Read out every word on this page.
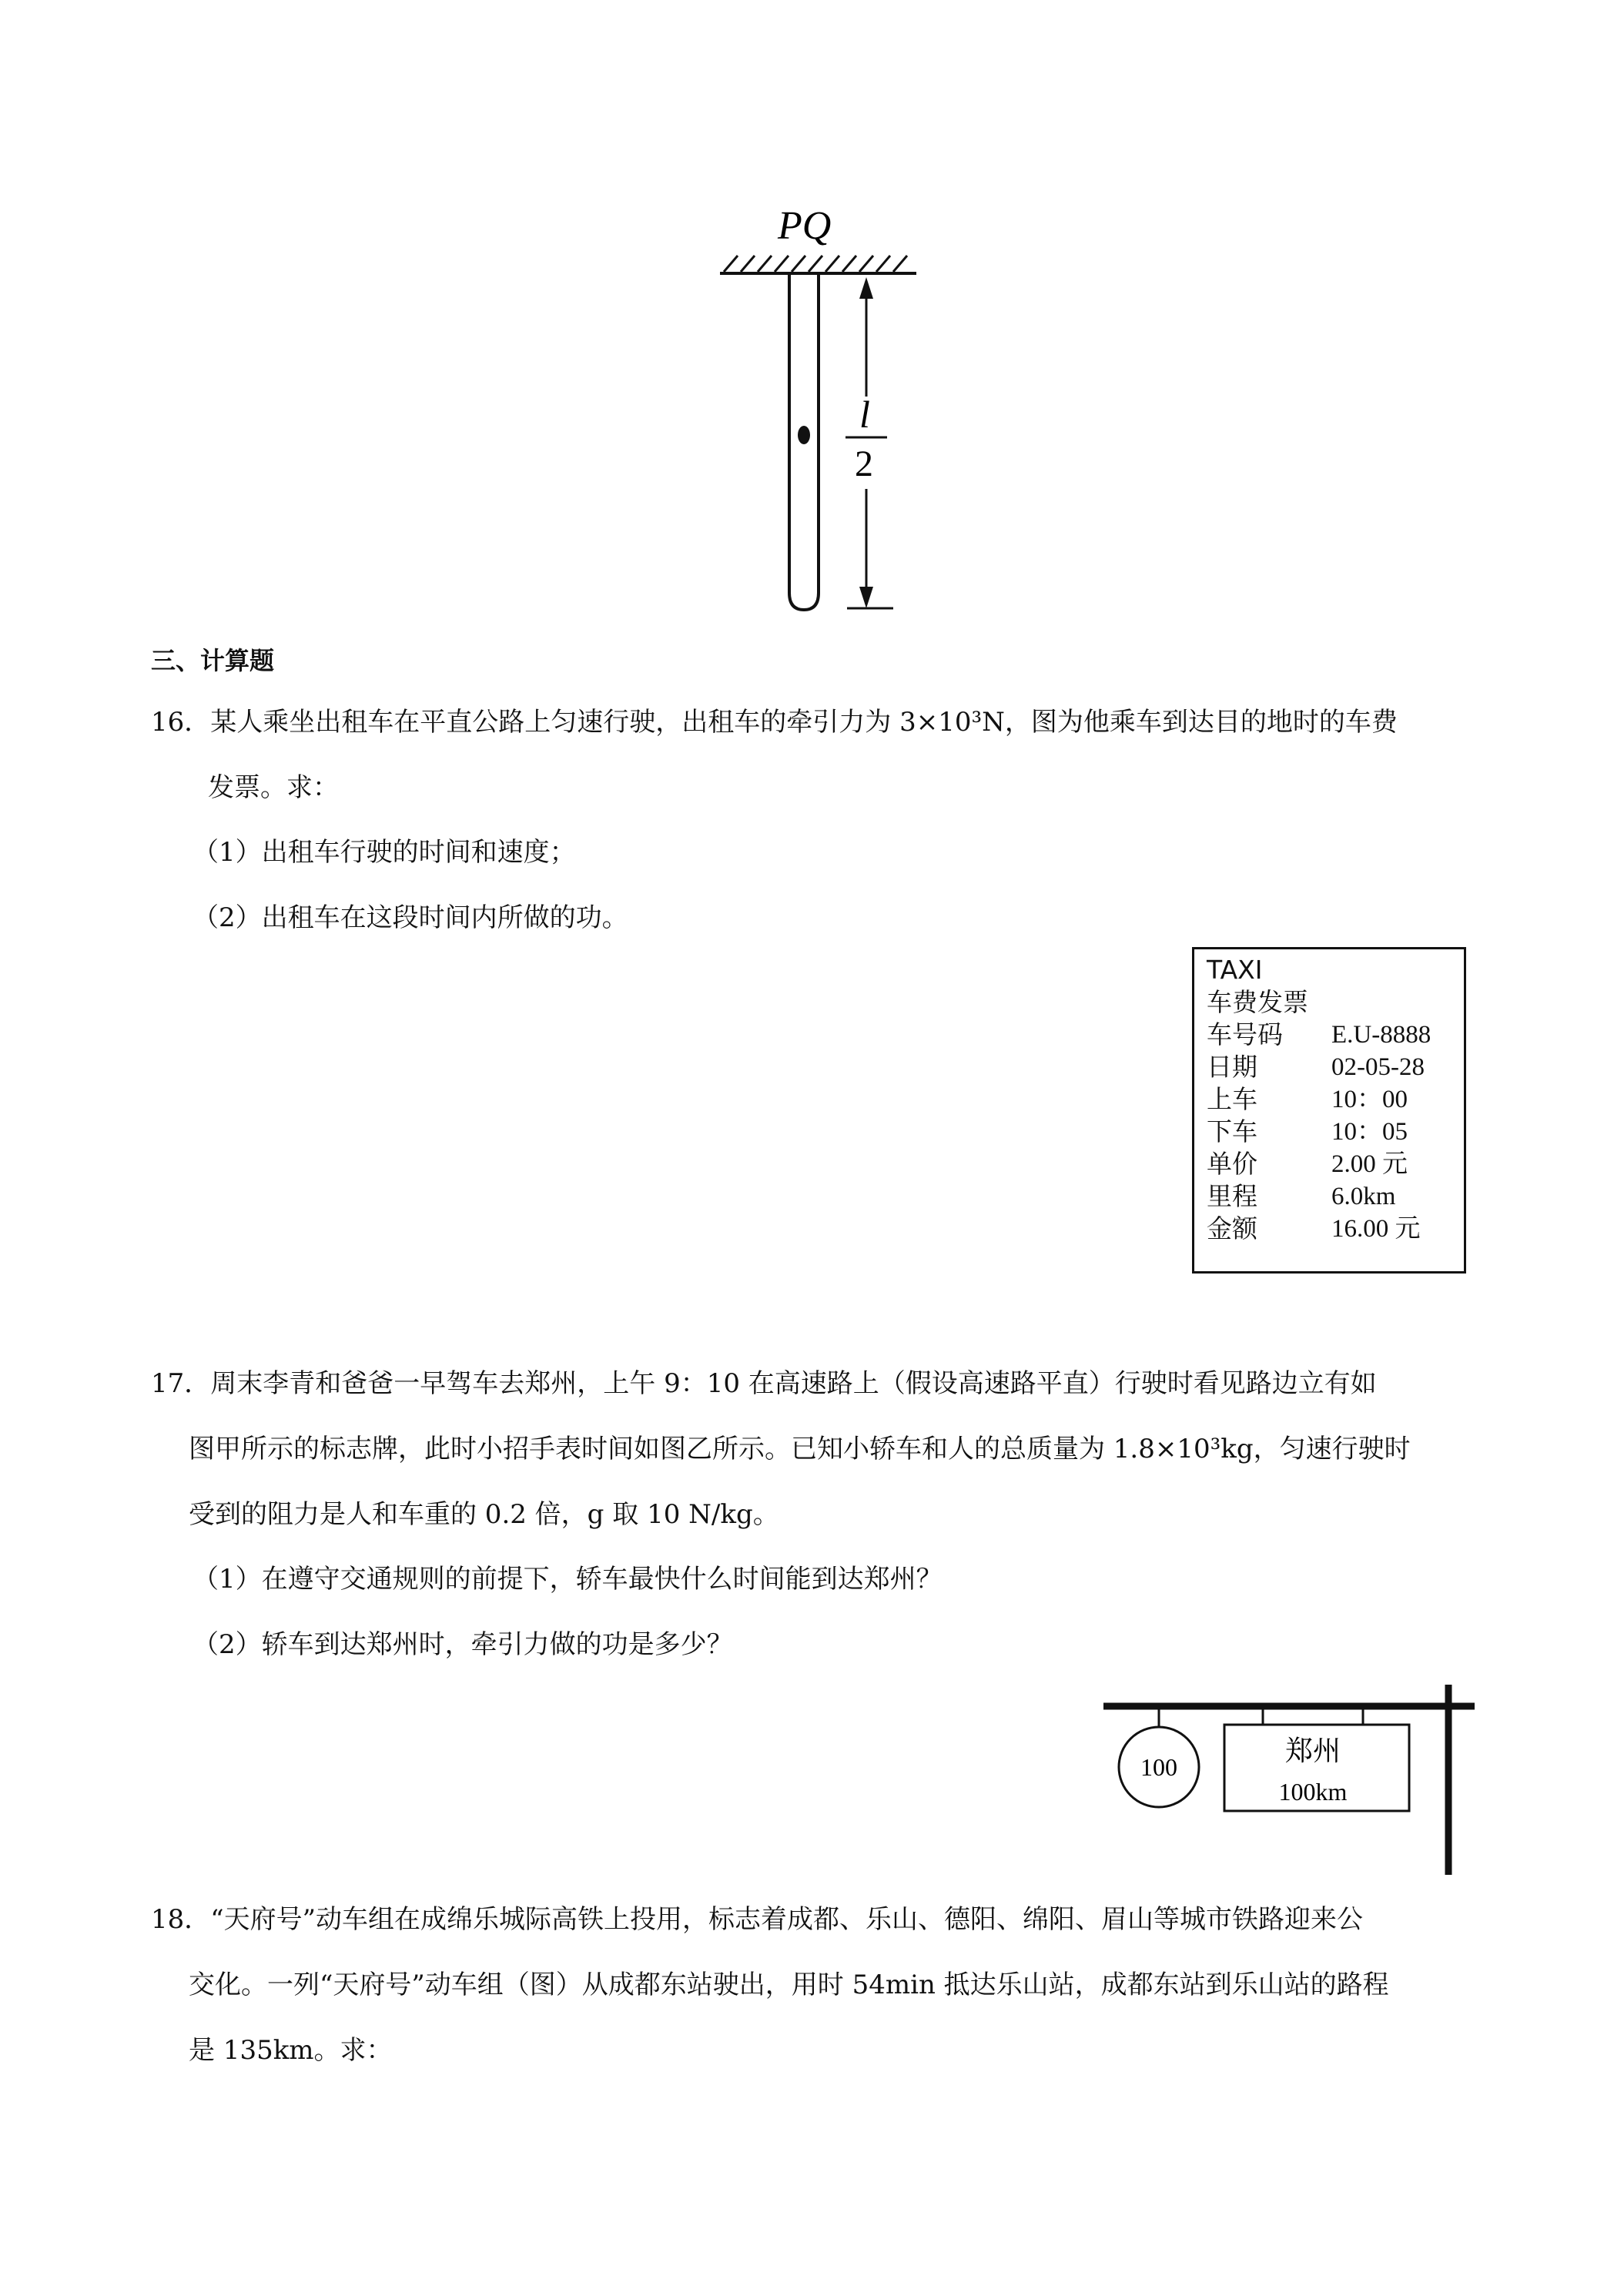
PQ
l
2
三、计算题
16．某人乘坐出租车在平直公路上匀速行驶，出租车的牵引力为 3×10³N，图为他乘车到达目的地时的车费
发票。求：
（1）出租车行驶的时间和速度；
（2）出租车在这段时间内所做的功。
TAXI
车费发票
车号码 E.U-8888
日期	02-05-28
上车	10：00
下车	10：05
单价	2.00 元
里程	6.0km
金额	16.00 元
17．周末李青和爸爸一早驾车去郑州，上午 9：10 在高速路上（假设高速路平直）行驶时看见路边立有如
图甲所示的标志牌，此时小招手表时间如图乙所示。已知小轿车和人的总质量为 1.8×10³kg，匀速行驶时
受到的阻力是人和车重的 0.2 倍，g 取 10 N/kg。
（1）在遵守交通规则的前提下，轿车最快什么时间能到达郑州？
（2）轿车到达郑州时，牵引力做的功是多少？
100	郑州
100km
18．“天府号”动车组在成绵乐城际高铁上投用，标志着成都、乐山、德阳、绵阳、眉山等城市铁路迎来公
交化。一列“天府号”动车组（图）从成都东站驶出，用时 54min 抵达乐山站，成都东站到乐山站的路程
是 135km。求：
